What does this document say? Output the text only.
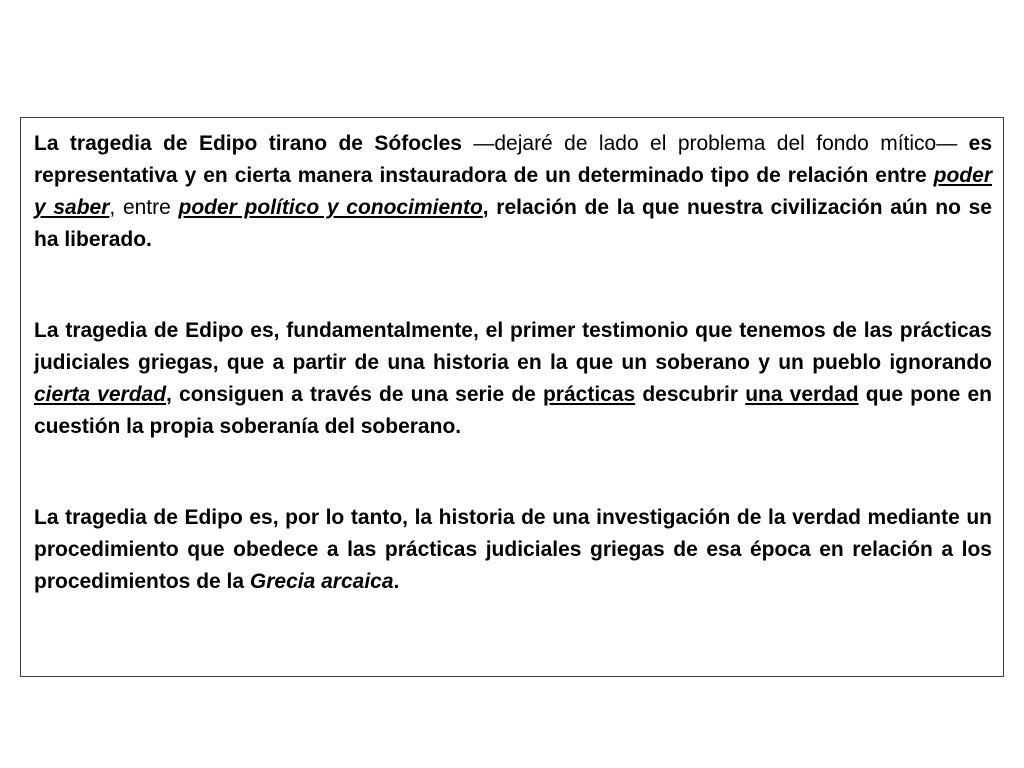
La tragedia de Edipo tirano de Sófocles —dejaré de lado el problema del fondo mítico— es representativa y en cierta manera instauradora de un determinado tipo de relación entre poder y saber, entre poder político y conocimiento, relación de la que nuestra civilización aún no se ha liberado.

La tragedia de Edipo es, fundamentalmente, el primer testimonio que tenemos de las prácticas judiciales griegas, que a partir de una historia en la que un soberano y un pueblo ignorando cierta verdad, consiguen a través de una serie de prácticas descubrir una verdad que pone en cuestión la propia soberanía del soberano.

La tragedia de Edipo es, por lo tanto, la historia de una investigación de la verdad mediante un procedimiento que obedece a las prácticas judiciales griegas de esa época en relación a los procedimientos de la Grecia arcaica.
